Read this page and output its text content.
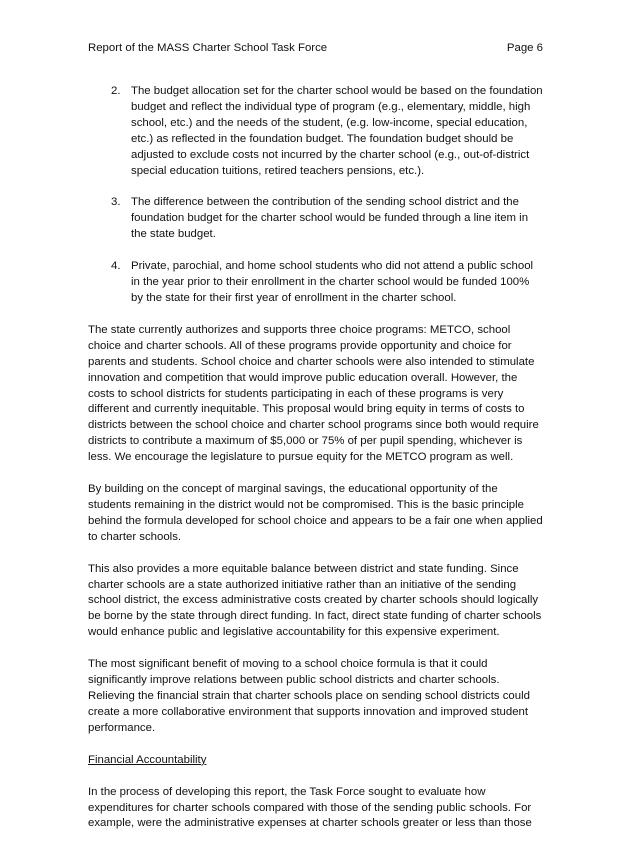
Report of the MASS Charter School Task Force	Page 6
2. The budget allocation set for the charter school would be based on the foundation budget and reflect the individual type of program (e.g., elementary, middle, high school, etc.) and the needs of the student, (e.g. low-income, special education, etc.) as reflected in the foundation budget. The foundation budget should be adjusted to exclude costs not incurred by the charter school (e.g., out-of-district special education tuitions, retired teachers pensions, etc.).
3. The difference between the contribution of the sending school district and the foundation budget for the charter school would be funded through a line item in the state budget.
4. Private, parochial, and home school students who did not attend a public school in the year prior to their enrollment in the charter school would be funded 100% by the state for their first year of enrollment in the charter school.

The state currently authorizes and supports three choice programs: METCO, school choice and charter schools. All of these programs provide opportunity and choice for parents and students. School choice and charter schools were also intended to stimulate innovation and competition that would improve public education overall. However, the costs to school districts for students participating in each of these programs is very different and currently inequitable. This proposal would bring equity in terms of costs to districts between the school choice and charter school programs since both would require districts to contribute a maximum of $5,000 or 75% of per pupil spending, whichever is less. We encourage the legislature to pursue equity for the METCO program as well.

By building on the concept of marginal savings, the educational opportunity of the students remaining in the district would not be compromised. This is the basic principle behind the formula developed for school choice and appears to be a fair one when applied to charter schools.

This also provides a more equitable balance between district and state funding. Since charter schools are a state authorized initiative rather than an initiative of the sending school district, the excess administrative costs created by charter schools should logically be borne by the state through direct funding. In fact, direct state funding of charter schools would enhance public and legislative accountability for this expensive experiment.

The most significant benefit of moving to a school choice formula is that it could significantly improve relations between public school districts and charter schools. Relieving the financial strain that charter schools place on sending school districts could create a more collaborative environment that supports innovation and improved student performance.

Financial Accountability

In the process of developing this report, the Task Force sought to evaluate how expenditures for charter schools compared with those of the sending public schools. For example, were the administrative expenses at charter schools greater or less than those
